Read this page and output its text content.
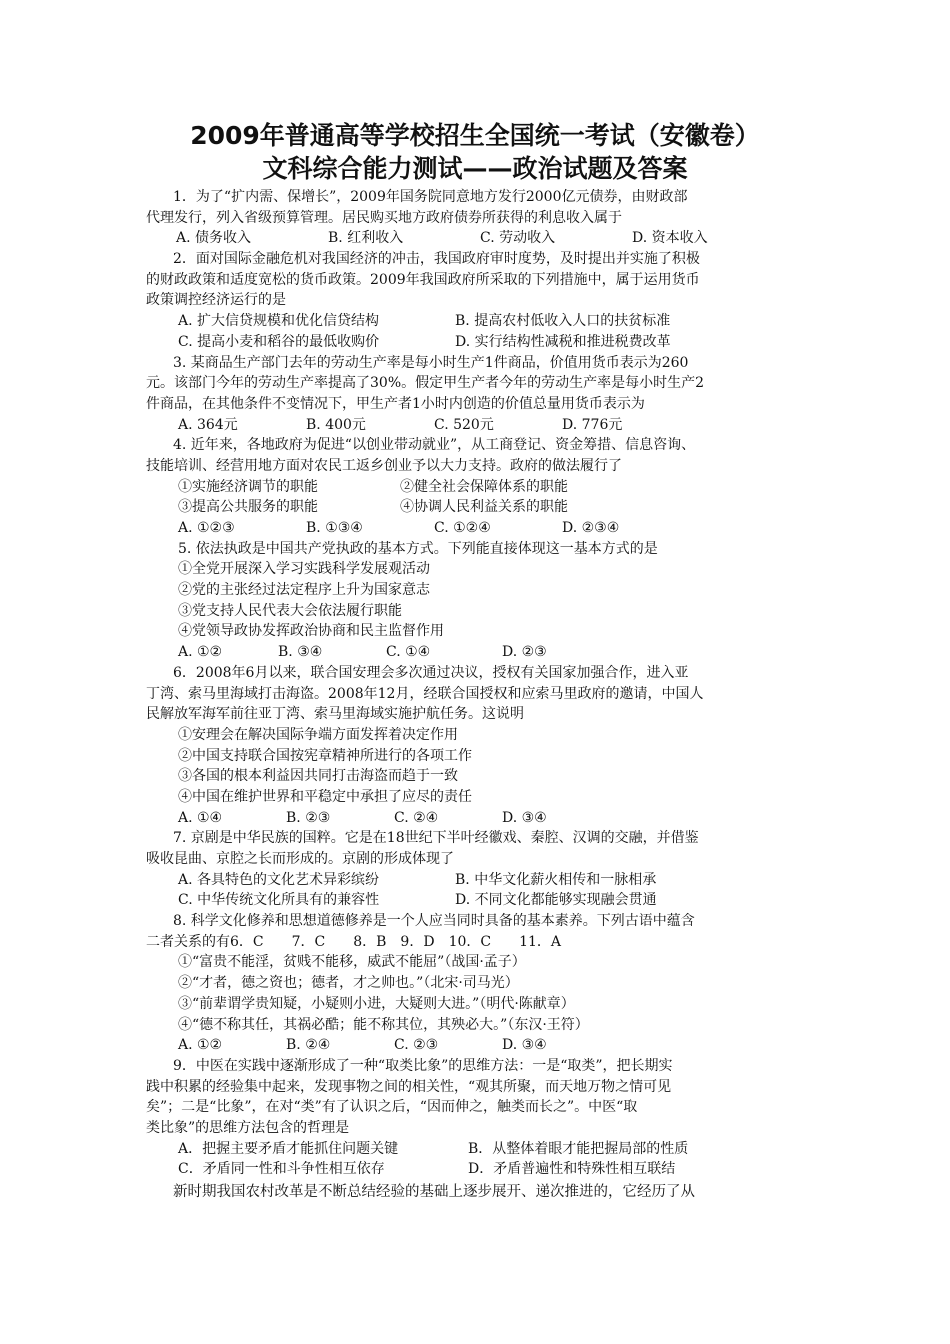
2009年普通高等学校招生全国统一考试（安徽卷）
文科综合能力测试——政治试题及答案
1．为了“扩内需、保增长”，2009年国务院同意地方发行2000亿元债券，由财政部
代理发行，列入省级预算管理。居民购买地方政府债券所获得的利息收入属于
A. 债务收入	B. 红利收入	C. 劳动收入	D. 资本收入
2．面对国际金融危机对我国经济的冲击，我国政府审时度势，及时提出并实施了积极
的财政政策和适度宽松的货币政策。2009年我国政府所采取的下列措施中，属于运用货币
政策调控经济运行的是
A. 扩大信贷规模和优化信贷结构	B. 提高农村低收入人口的扶贫标准
C. 提高小麦和稻谷的最低收购价	D. 实行结构性减税和推进税费改革
3. 某商品生产部门去年的劳动生产率是每小时生产1件商品，价值用货币表示为260
元。该部门今年的劳动生产率提高了30%。假定甲生产者今年的劳动生产率是每小时生产2
件商品，在其他条件不变情况下，甲生产者1小时内创造的价值总量用货币表示为
A. 364元	B. 400元	C. 520元	D. 776元
4. 近年来，各地政府为促进“以创业带动就业”，从工商登记、资金筹措、信息咨询、
技能培训、经营用地方面对农民工返乡创业予以大力支持。政府的做法履行了
①实施经济调节的职能	②健全社会保障体系的职能
③提高公共服务的职能	④协调人民利益关系的职能
A. ①②③	B. ①③④	C. ①②④	D. ②③④
5. 依法执政是中国共产党执政的基本方式。下列能直接体现这一基本方式的是
①全党开展深入学习实践科学发展观活动
②党的主张经过法定程序上升为国家意志
③党支持人民代表大会依法履行职能
④党领导政协发挥政治协商和民主监督作用
A. ①②	B. ③④	C. ①④	D. ②③
6．2008年6月以来，联合国安理会多次通过决议，授权有关国家加强合作，进入亚
丁湾、索马里海域打击海盗。2008年12月，经联合国授权和应索马里政府的邀请，中国人
民解放军海军前往亚丁湾、索马里海域实施护航任务。这说明
①安理会在解决国际争端方面发挥着决定作用
②中国支持联合国按宪章精神所进行的各项工作
③各国的根本利益因共同打击海盗而趋于一致
④中国在维护世界和平稳定中承担了应尽的责任
A. ①④	B. ②③	C. ②④	D. ③④
7. 京剧是中华民族的国粹。它是在18世纪下半叶经徽戏、秦腔、汉调的交融，并借鉴
吸收昆曲、京腔之长而形成的。京剧的形成体现了
A. 各具特色的文化艺术异彩缤纷	B. 中华文化薪火相传和一脉相承
C. 中华传统文化所具有的兼容性	D. 不同文化都能够实现融会贯通
8. 科学文化修养和思想道德修养是一个人应当同时具备的基本素养。下列古语中蕴含
二者关系的有6．C　　7．C　　8．B　9．D　10．C　　11．A
①“富贵不能淫，贫贱不能移，威武不能屈”（战国·孟子）
②“才者，德之资也；德者，才之帅也。”（北宋·司马光）
③“前辈谓学贵知疑，小疑则小进，大疑则大进。”（明代·陈献章）
④“德不称其任，其祸必酷；能不称其位，其殃必大。”（东汉·王符）
A. ①②	B. ②④	C. ②③	D. ③④
9．中医在实践中逐渐形成了一种“取类比象”的思维方法：一是“取类”，把长期实
践中积累的经验集中起来，发现事物之间的相关性，“观其所聚，而天地万物之情可见
矣”；二是“比象”，在对“类”有了认识之后，“因而伸之，触类而长之”。中医“取
类比象”的思维方法包含的哲理是
A．把握主要矛盾才能抓住问题关键	B．从整体着眼才能把握局部的性质
C．矛盾同一性和斗争性相互依存	D．矛盾普遍性和特殊性相互联结
新时期我国农村改革是不断总结经验的基础上逐步展开、递次推进的，它经历了从
